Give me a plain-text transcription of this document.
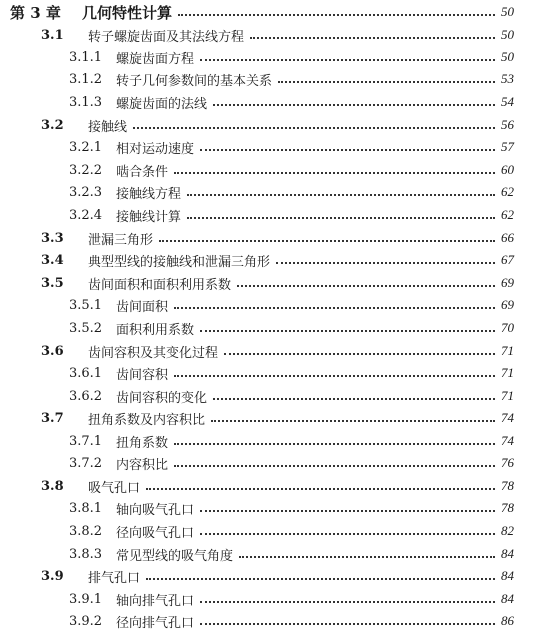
第 3 章	几何特性计算	50
3.1	转子螺旋齿面及其法线方程	50
3.1.1	螺旋齿面方程	50
3.1.2	转子几何参数间的基本关系	53
3.1.3	螺旋齿面的法线	54
3.2	接触线	56
3.2.1	相对运动速度	57
3.2.2	啮合条件	60
3.2.3	接触线方程	62
3.2.4	接触线计算	62
3.3	泄漏三角形	66
3.4	典型型线的接触线和泄漏三角形	67
3.5	齿间面积和面积利用系数	69
3.5.1	齿间面积	69
3.5.2	面积利用系数	70
3.6	齿间容积及其变化过程	71
3.6.1	齿间容积	71
3.6.2	齿间容积的变化	71
3.7	扭角系数及内容积比	74
3.7.1	扭角系数	74
3.7.2	内容积比	76
3.8	吸气孔口	78
3.8.1	轴向吸气孔口	78
3.8.2	径向吸气孔口	82
3.8.3	常见型线的吸气角度	84
3.9	排气孔口	84
3.9.1	轴向排气孔口	84
3.9.2	径向排气孔口	86
